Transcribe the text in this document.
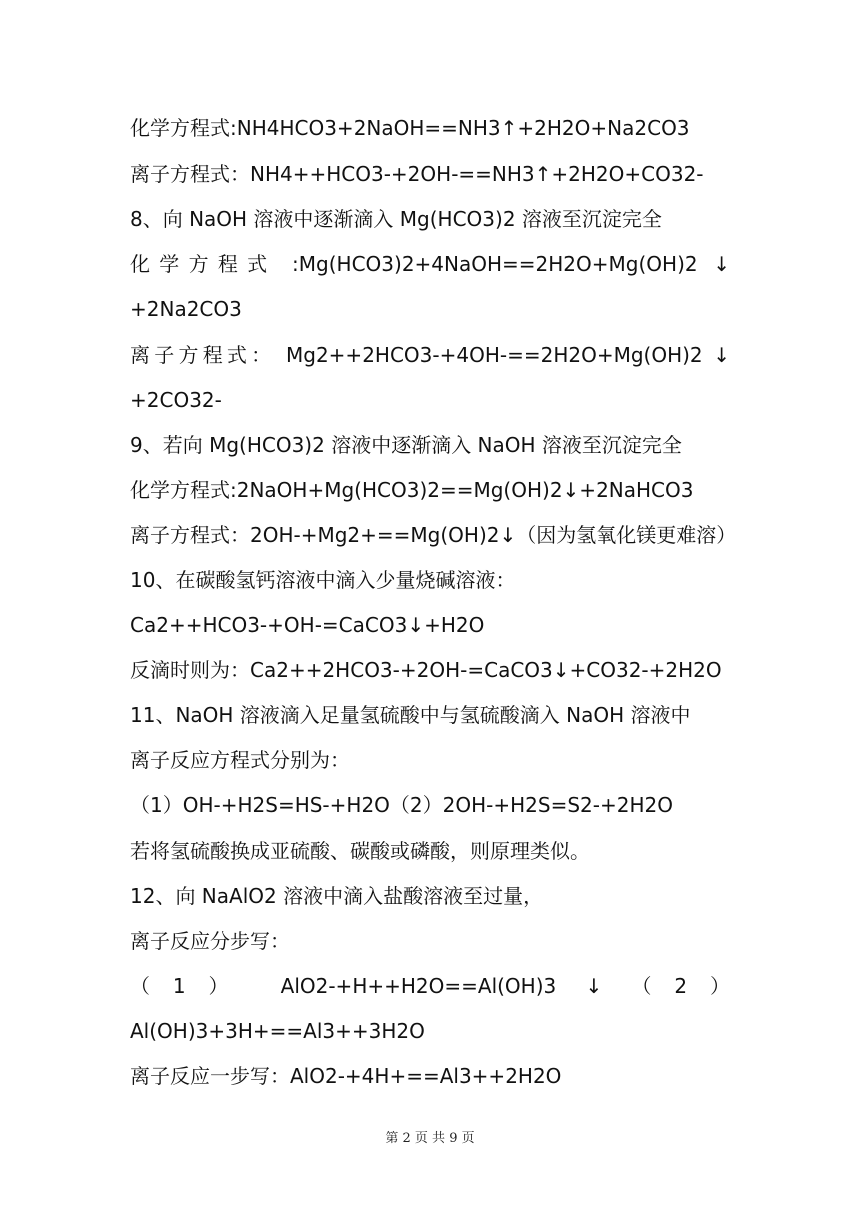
化学方程式:NH4HCO3+2NaOH==NH3↑+2H2O+Na2CO3
离子方程式：NH4++HCO3-+2OH-==NH3↑+2H2O+CO32-
8、向 NaOH 溶液中逐渐滴入 Mg(HCO3)2 溶液至沉淀完全
化学方程式 :Mg(HCO3)2+4NaOH==2H2O+Mg(OH)2 ↓
+2Na2CO3
离子方程式： Mg2++2HCO3-+4OH-==2H2O+Mg(OH)2 ↓
+2CO32-
9、若向 Mg(HCO3)2 溶液中逐渐滴入 NaOH 溶液至沉淀完全
化学方程式:2NaOH+Mg(HCO3)2==Mg(OH)2↓+2NaHCO3
离子方程式：2OH-+Mg2+==Mg(OH)2↓（因为氢氧化镁更难溶）
10、在碳酸氢钙溶液中滴入少量烧碱溶液：
Ca2++HCO3-+OH-=CaCO3↓+H2O
反滴时则为：Ca2++2HCO3-+2OH-=CaCO3↓+CO32-+2H2O
11、NaOH 溶液滴入足量氢硫酸中与氢硫酸滴入 NaOH 溶液中
离子反应方程式分别为：
（1）OH-+H2S=HS-+H2O（2）2OH-+H2S=S2-+2H2O
若将氢硫酸换成亚硫酸、碳酸或磷酸，则原理类似。
12、向 NaAlO2 溶液中滴入盐酸溶液至过量，
离子反应分步写：
（1） AlO2-+H++H2O==Al(OH)3 ↓ （2）
Al(OH)3+3H+==Al3++3H2O
离子反应一步写：AlO2-+4H+==Al3++2H2O
第 2 页 共 9 页
